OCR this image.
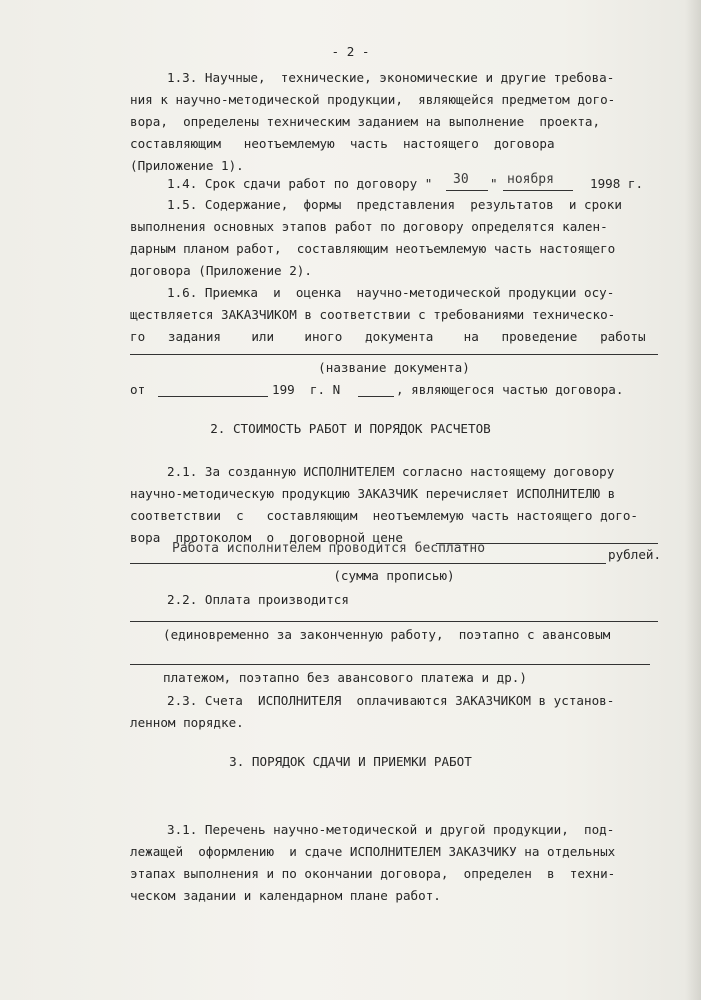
- 2 -
1.3. Научные,  технические, экономические и другие требова-
ния к научно-методической продукции,  являющейся предметом дого-
вора,  определены техническим заданием на выполнение  проекта,
составляющим   неотъемлемую  часть  настоящего  договора
(Приложение 1).
1.4. Срок сдачи работ по договору "	30 " ноября	1998 г.
1.5. Содержание,  формы  представления  результатов  и сроки
выполнения основных этапов работ по договору определятся кален-
дарным планом работ,  составляющим неотъемлемую часть настоящего
договора (Приложение 2).
1.6. Приемка  и  оценка  научно-методической продукции осу-
ществляется ЗАКАЗЧИКОМ в соответствии с требованиями техническо-
го   задания    или    иного   документа    на   проведение   работы
(название документа)
от	199  г. N	, являющегося частью договора.
2. СТОИМОСТЬ РАБОТ И ПОРЯДОК РАСЧЕТОВ
2.1. За созданную ИСПОЛНИТЕЛЕМ согласно настоящему договору
научно-методическую продукцию ЗАКАЗЧИК перечисляет ИСПОЛНИТЕЛЮ в
соответствии  с   составляющим  неотъемлемую часть настоящего дого-
вора  протоколом  о  договорной цене
Работа исполнителем проводится бесплатно	рублей.
(сумма прописью)
2.2. Оплата производится
(единовременно за законченную работу,  поэтапно с авансовым
платежом, поэтапно без авансового платежа и др.)
2.3. Счета  ИСПОЛНИТЕЛЯ  оплачиваются ЗАКАЗЧИКОМ в установ-
ленном порядке.
3. ПОРЯДОК СДАЧИ И ПРИЕМКИ РАБОТ
3.1. Перечень научно-методической и другой продукции,  под-
лежащей  оформлению  и сдаче ИСПОЛНИТЕЛЕМ ЗАКАЗЧИКУ на отдельных
этапах выполнения и по окончании договора,  определен  в  техни-
ческом задании и календарном плане работ.
